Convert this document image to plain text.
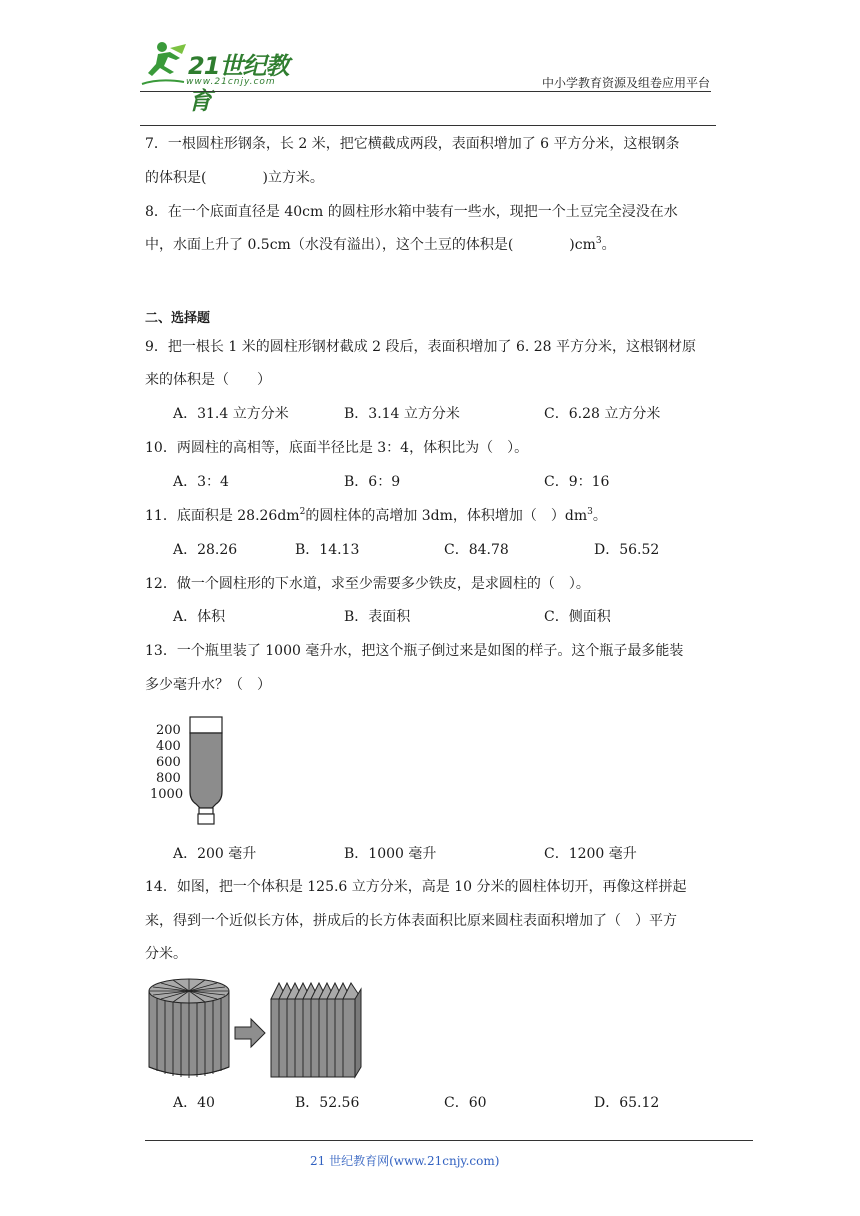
21世纪教育
www.21cnjy.com	中小学教育资源及组卷应用平台
7．一根圆柱形钢条，长 2 米，把它横截成两段，表面积增加了 6 平方分米，这根钢条
的体积是(　　　　)立方米。
8．在一个底面直径是 40cm 的圆柱形水箱中装有一些水，现把一个土豆完全浸没在水
中，水面上升了 0.5cm（水没有溢出），这个土豆的体积是(　　　　)$cm^3$。
二、选择题
9．把一根长 1 米的圆柱形钢材截成 2 段后，表面积增加了 6. 28 平方分米，这根钢材原
来的体积是（　　）
A．31.4 立方分米	B．3.14 立方分米	C．6.28 立方分米
10．两圆柱的高相等，底面半径比是 3：4，体积比为（　）。
A．3：4	B．6：9	C．9：16
11．底面积是 $28.26dm^2$的圆柱体的高增加 3dm，体积增加（　）$dm^3$。
A．28.26	B．14.13	C．84.78	D．56.52
12．做一个圆柱形的下水道，求至少需要多少铁皮，是求圆柱的（　）。
A．体积	B．表面积	C．侧面积
13．一个瓶里装了 1000 毫升水，把这个瓶子倒过来是如图的样子。这个瓶子最多能装
多少毫升水？（　）
200
400
600
800
1000
A．200 毫升	B．1000 毫升	C．1200 毫升
14．如图，把一个体积是 125.6 立方分米，高是 10 分米的圆柱体切开，再像这样拼起
来，得到一个近似长方体，拼成后的长方体表面积比原来圆柱表面积增加了（　）平方
分米。
A．40	B．52.56	C．60	D．65.12
21 世纪教育网(www.21cnjy.com)
